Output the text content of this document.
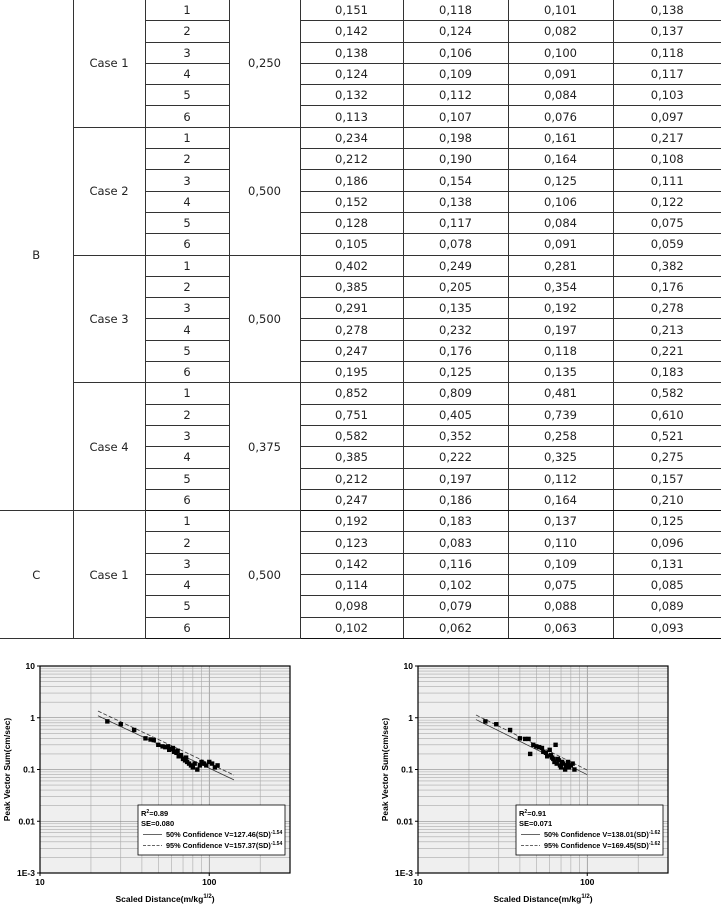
B	Case 1	1	0,250	0,151	0,118	0,101	0,138
		2		0,142	0,124	0,082	0,137
		3		0,138	0,106	0,100	0,118
		4		0,124	0,109	0,091	0,117
		5		0,132	0,112	0,084	0,103
		6		0,113	0,107	0,076	0,097
	Case 2	1	0,500	0,234	0,198	0,161	0,217
		2		0,212	0,190	0,164	0,108
		3		0,186	0,154	0,125	0,111
		4		0,152	0,138	0,106	0,122
		5		0,128	0,117	0,084	0,075
		6		0,105	0,078	0,091	0,059
	Case 3	1	0,500	0,402	0,249	0,281	0,382
		2		0,385	0,205	0,354	0,176
		3		0,291	0,135	0,192	0,278
		4		0,278	0,232	0,197	0,213
		5		0,247	0,176	0,118	0,221
		6		0,195	0,125	0,135	0,183
	Case 4	1	0,375	0,852	0,809	0,481	0,582
		2		0,751	0,405	0,739	0,610
		3		0,582	0,352	0,258	0,521
		4		0,385	0,222	0,325	0,275
		5		0,212	0,197	0,112	0,157
		6		0,247	0,186	0,164	0,210
C	Case 1	1	0,500	0,192	0,183	0,137	0,125
		2		0,123	0,083	0,110	0,096
		3		0,142	0,116	0,109	0,131
		4		0,114	0,102	0,075	0,085
		5		0,098	0,079	0,088	0,089
		6		0,102	0,062	0,063	0,093
1E-3
0.01
0.1
1
10
10	100
Scaled $Distance(m/kg^{1/2})$
Peak Vector Sum(cm/sec)	$R^2=0.89$
SE=0.080
50% Confidence V=127.46(SD)$^{-1.54}$
95% Confidence V=157.37(SD)$^{-1.54}$
1E-3
0.01
0.1
1
10
10	100
Scaled $Distance(m/kg^{1/2})$
Peak Vector Sum(cm/sec)	$R^2=0.91$
SE=0.071
50% Confidence V=138.01(SD)$^{-1.62}$
95% Confidence V=169.45(SD)$^{-1.62}$
